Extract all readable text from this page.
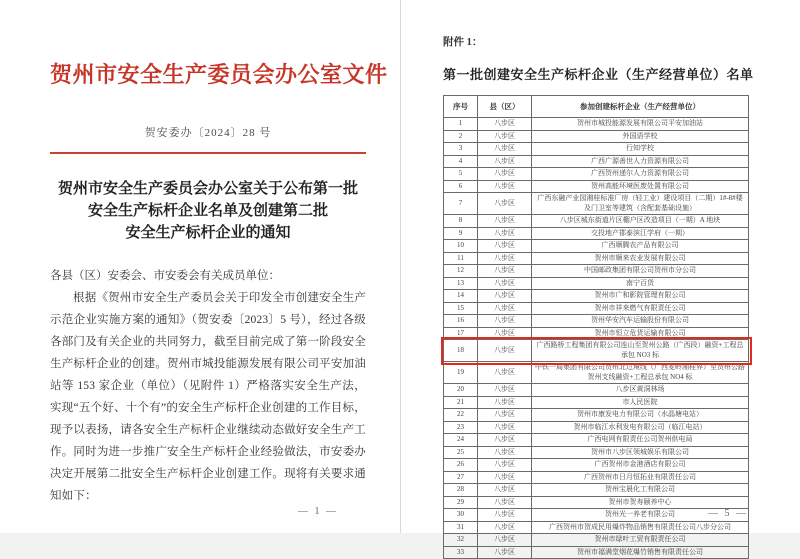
贺州市安全生产委员会办公室文件
贺安委办〔2024〕28 号
贺州市安全生产委员会办公室关于公布第一批
安全生产标杆企业名单及创建第二批
安全生产标杆企业的通知
各县（区）安委会、市安委会有关成员单位：
根据《贺州市安全生产委员会关于印发全市创建安全生产示范企业实施方案的通知》（贺安委〔2023〕5 号），经过各级各部门及有关企业的共同努力，截至目前完成了第一阶段安全生产标杆企业的创建。贺州市城投能源发展有限公司平安加油站等 153 家企业（单位）（见附件 1）严格落实安全生产法，实现“五个好、十个有”的安全生产标杆企业创建的工作目标，现予以表扬，请各安全生产标杆企业继续动态做好安全生产工作。同时为进一步推广安全生产标杆企业经验做法，市安委办决定开展第二批安全生产标杆企业创建工作。现将有关要求通知如下：
— 1 —
附件 1：
第一批创建安全生产标杆企业（生产经营单位）名单
序号	县（区）	参加创建标杆企业（生产经营单位）
1	八步区	贺州市城投能源发展有限公司平安加油站
2	八步区	外国语学校
3	八步区	行知学校
4	八步区	广西广源善世人力资源有限公司
5	八步区	广西贺州递尔人力资源有限公司
6	八步区	贺州高能环境医废处置有限公司
7	八步区	广西东融产业园湘桂标准厂房（轻工业）建设项目（二期）1#-8#楼及门卫室等建筑（含配套基础设施）
8	八步区	八步区城东街道片区棚户区改造项目（一期）A 地块
9	八步区	交投地产郡泰滨江学府（一期）
10	八步区	广西顺腾农产品有限公司
11	八步区	贺州市顺来农业发展有限公司
12	八步区	中国邮政集团有限公司贺州市分公司
13	八步区	南宁百货
14	八步区	贺州市广和影院管理有限公司
15	八步区	贺州市祥来燃气有限责任公司
16	八步区	贺州华安汽车运输股份有限公司
17	八步区	贺州市恒立危货运输有限公司
18	八步区	广西路桥工程集团有限公司连山至贺州公路（广西段）融资+工程总承包 NO3 标
19	八步区	中铁一局集团有限公司贺州北过境线（广西麦岭湘桂界）至贺州公路贺州支线融资+工程总承包 NO4 标
20	八步区	八步区黄洞林场
21	八步区	市人民医院
22	八步区	贺州市康发电力有限公司（水晶塘电站）
23	八步区	贺州市临江水利发电有限公司（临江电站）
24	八步区	广西电网有限责任公司贺州供电局
25	八步区	贺州市八步区领城娱乐有限公司
26	八步区	广西贺州市金港酒店有限公司
27	八步区	广西贺州市日月恒拓业有限责任公司
28	八步区	贺州宝晨化工有限公司
29	八步区	贺州市贺寿颐养中心
30	八步区	贺州光一养老有限公司
31	八步区	广西贺州市贺成民用爆炸物品销售有限责任公司八步分公司
32	八步区	贺州市绿叶工贸有限责任公司
33	八步区	贺州市福满堂烟花爆竹销售有限责任公司
— 5 —
